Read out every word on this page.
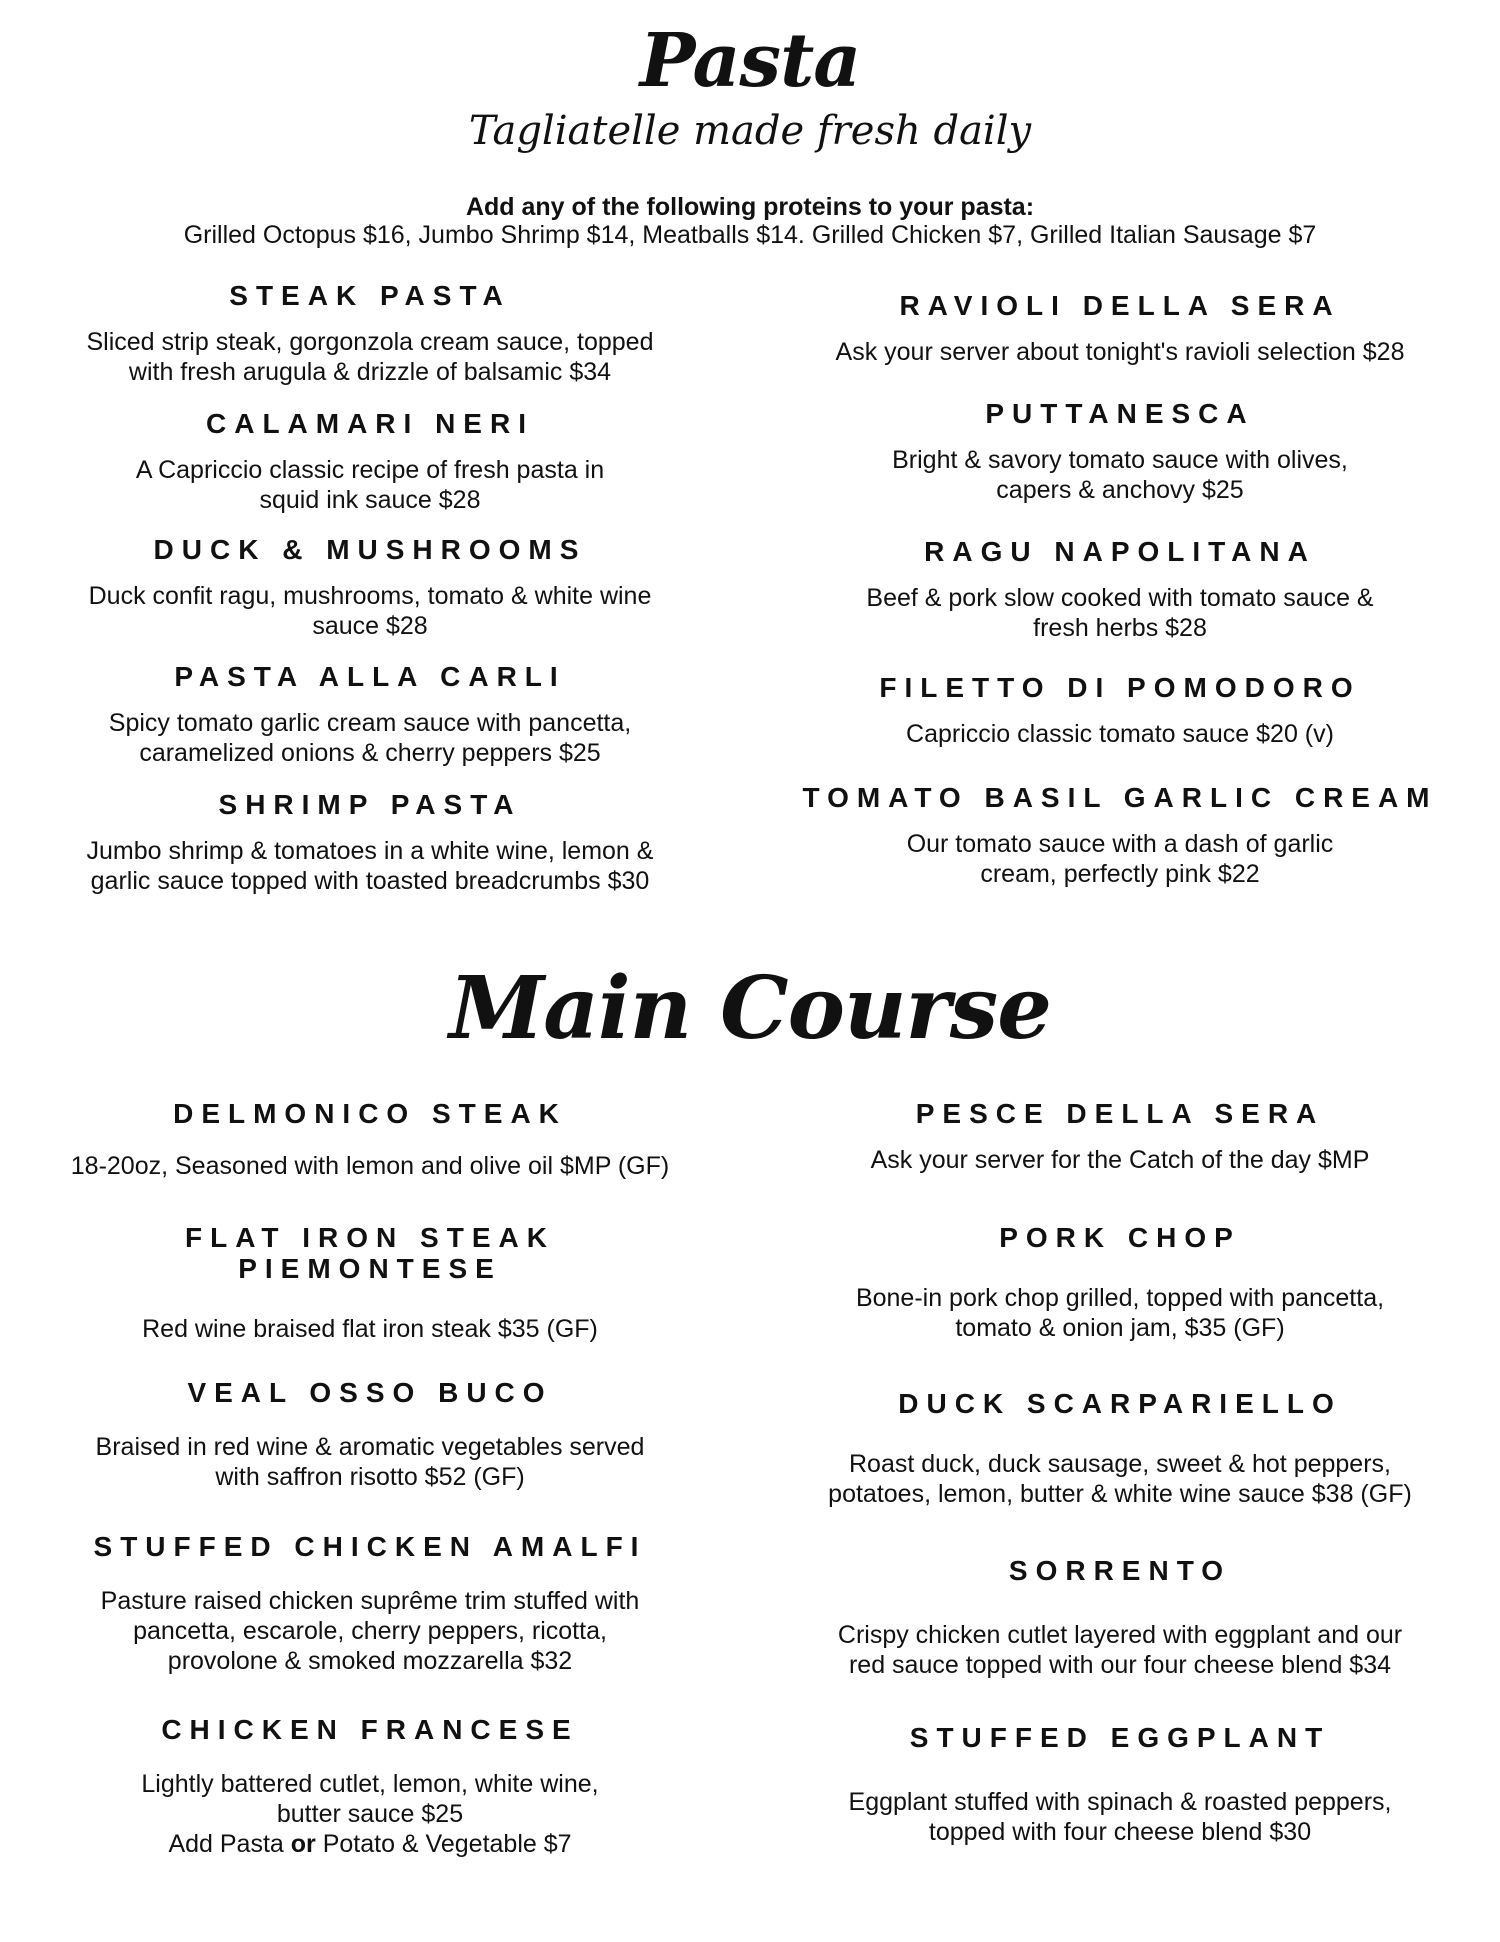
Pasta
Tagliatelle made fresh daily
Add any of the following proteins to your pasta:
Grilled Octopus $16, Jumbo Shrimp $14, Meatballs $14. Grilled Chicken $7, Grilled Italian Sausage $7
STEAK PASTA
Sliced strip steak, gorgonzola cream sauce, topped
with fresh arugula & drizzle of balsamic $34
CALAMARI NERI
A Capriccio classic recipe of fresh pasta in
squid ink sauce $28
DUCK & MUSHROOMS
Duck confit ragu, mushrooms, tomato & white wine
sauce $28
PASTA ALLA CARLI
Spicy tomato garlic cream sauce with pancetta,
caramelized onions & cherry peppers $25
SHRIMP PASTA
Jumbo shrimp & tomatoes in a white wine, lemon &
garlic sauce topped with toasted breadcrumbs $30
RAVIOLI DELLA SERA
Ask your server about tonight's ravioli selection $28
PUTTANESCA
Bright & savory tomato sauce with olives,
capers & anchovy $25
RAGU NAPOLITANA
Beef & pork slow cooked with tomato sauce &
fresh herbs $28
FILETTO DI POMODORO
Capriccio classic tomato sauce $20 (v)
TOMATO BASIL GARLIC CREAM
Our tomato sauce with a dash of garlic
cream, perfectly pink $22
Main Course
DELMONICO STEAK
18-20oz, Seasoned with lemon and olive oil $MP (GF)
FLAT IRON STEAK
PIEMONTESE
Red wine braised flat iron steak $35 (GF)
VEAL OSSO BUCO
Braised in red wine & aromatic vegetables served
with saffron risotto $52 (GF)
STUFFED CHICKEN AMALFI
Pasture raised chicken suprême trim stuffed with
pancetta, escarole, cherry peppers, ricotta,
provolone & smoked mozzarella $32
CHICKEN FRANCESE
Lightly battered cutlet, lemon, white wine,
butter sauce $25
Add Pasta or Potato & Vegetable $7
PESCE DELLA SERA
Ask your server for the Catch of the day $MP
PORK CHOP
Bone-in pork chop grilled, topped with pancetta,
tomato & onion jam, $35 (GF)
DUCK SCARPARIELLO
Roast duck, duck sausage, sweet & hot peppers,
potatoes, lemon, butter & white wine sauce $38 (GF)
SORRENTO
Crispy chicken cutlet layered with eggplant and our
red sauce topped with our four cheese blend $34
STUFFED EGGPLANT
Eggplant stuffed with spinach & roasted peppers,
topped with four cheese blend $30
